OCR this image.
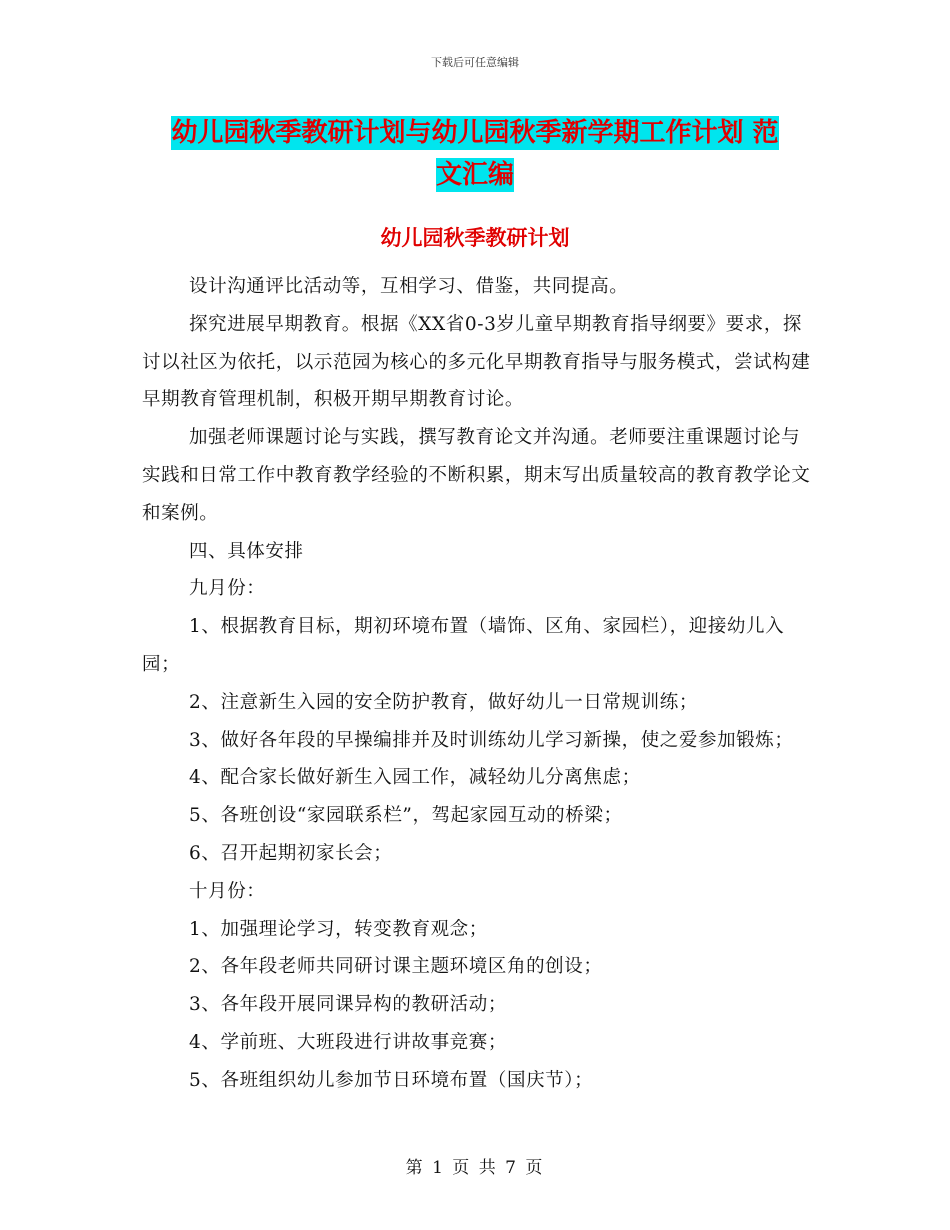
下载后可任意编辑
幼儿园秋季教研计划与幼儿园秋季新学期工作计划 范
文汇编
幼儿园秋季教研计划

设计沟通评比活动等，互相学习、借鉴，共同提高。

探究进展早期教育。根据《XX省0-3岁儿童早期教育指导纲要》要求，探讨以社区为依托，以示范园为核心的多元化早期教育指导与服务模式，尝试构建早期教育管理机制，积极开期早期教育讨论。

加强老师课题讨论与实践，撰写教育论文并沟通。老师要注重课题讨论与实践和日常工作中教育教学经验的不断积累，期末写出质量较高的教育教学论文和案例。

四、具体安排

九月份：

1、根据教育目标，期初环境布置（墙饰、区角、家园栏），迎接幼儿入园；

2、注意新生入园的安全防护教育，做好幼儿一日常规训练；

3、做好各年段的早操编排并及时训练幼儿学习新操，使之爱参加锻炼；

4、配合家长做好新生入园工作，减轻幼儿分离焦虑；

5、各班创设“家园联系栏”，驾起家园互动的桥梁；

6、召开起期初家长会；

十月份：

1、加强理论学习，转变教育观念；

2、各年段老师共同研讨课主题环境区角的创设；

3、各年段开展同课异构的教研活动；

4、学前班、大班段进行讲故事竞赛；

5、各班组织幼儿参加节日环境布置（国庆节）；

第 1 页 共 7 页
